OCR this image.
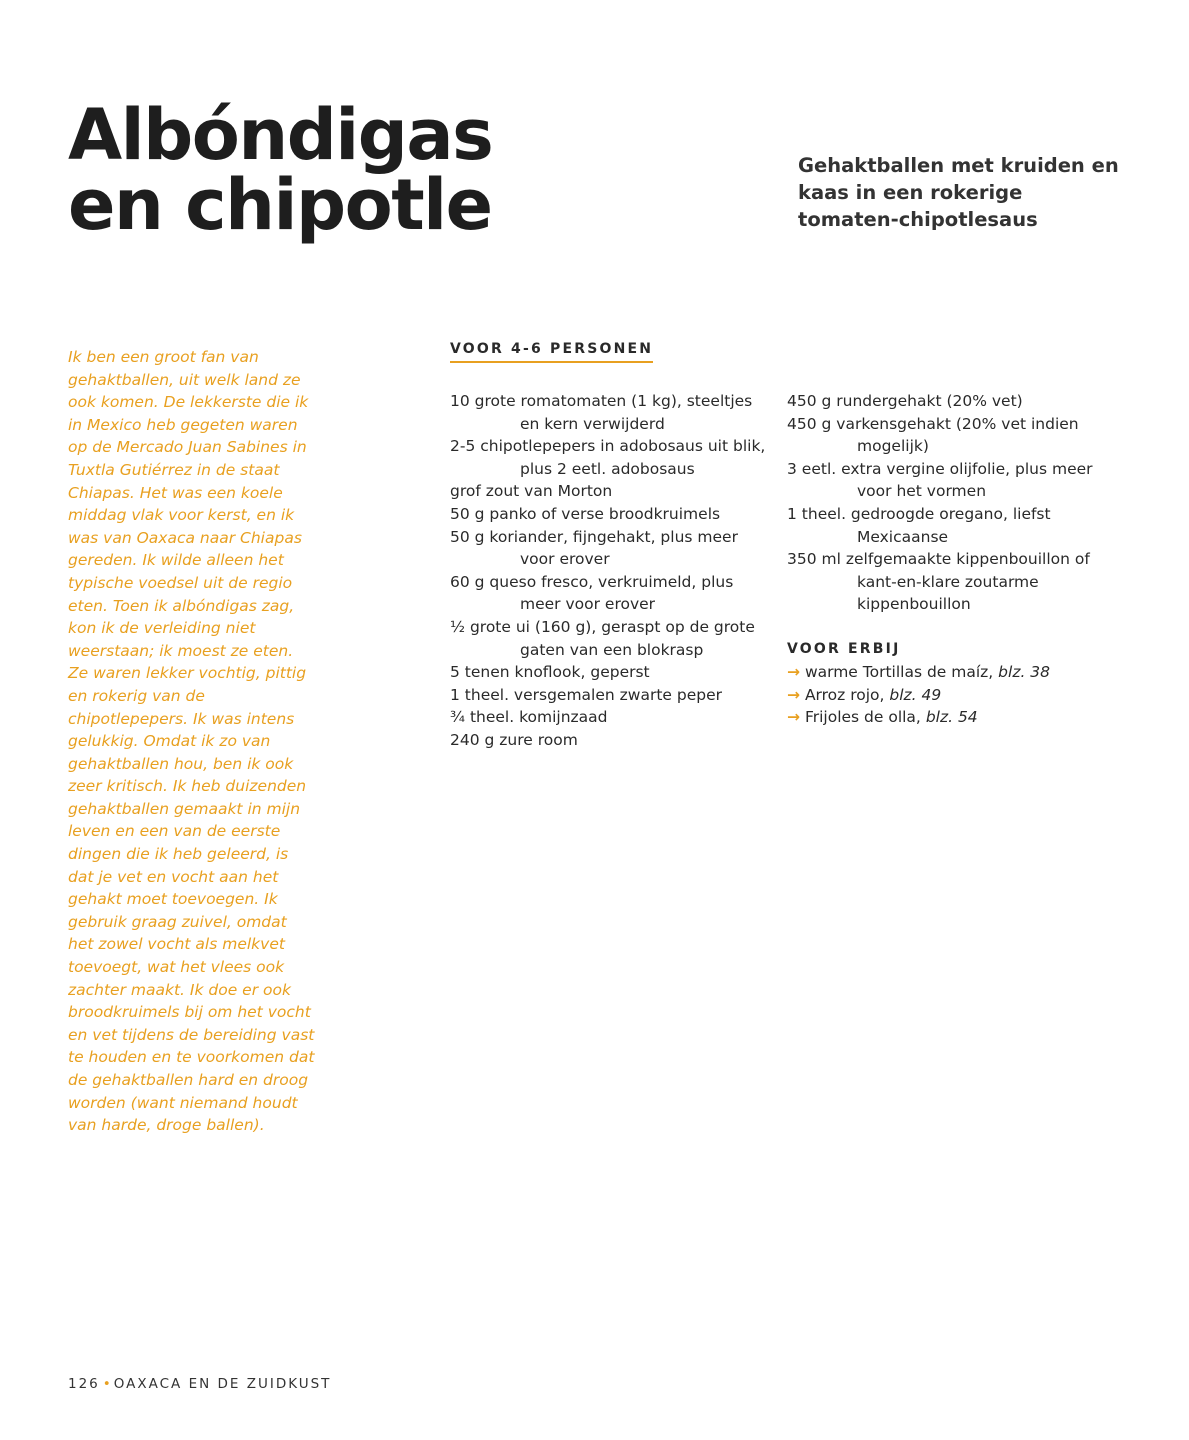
Albóndigas
en chipotle	Gehaktballen met kruiden en kaas in een rokerige tomaten-chipotlesaus

Ik ben een groot fan van gehaktballen, uit welk land ze ook komen. De lekkerste die ik in Mexico heb gegeten waren op de Mercado Juan Sabines in Tuxtla Gutiérrez in de staat Chiapas. Het was een koele middag vlak voor kerst, en ik was van Oaxaca naar Chiapas gereden. Ik wilde alleen het typische voedsel uit de regio eten. Toen ik albóndigas zag, kon ik de verleiding niet weerstaan; ik moest ze eten. Ze waren lekker vochtig, pittig en rokerig van de chipotlepepers. Ik was intens gelukkig. Omdat ik zo van gehaktballen hou, ben ik ook zeer kritisch. Ik heb duizenden gehaktballen gemaakt in mijn leven en een van de eerste dingen die ik heb geleerd, is dat je vet en vocht aan het gehakt moet toevoegen. Ik gebruik graag zuivel, omdat het zowel vocht als melkvet toevoegt, wat het vlees ook zachter maakt. Ik doe er ook broodkruimels bij om het vocht en vet tijdens de bereiding vast te houden en te voorkomen dat de gehaktballen hard en droog worden (want niemand houdt van harde, droge ballen).

VOOR 4-6 PERSONEN
10 grote romatomaten (1 kg), steeltjes en kern verwijderd
2-5 chipotlepepers in adobosaus uit blik, plus 2 eetl. adobosaus
grof zout van Morton
50 g panko of verse broodkruimels
50 g koriander, fijngehakt, plus meer voor erover
60 g queso fresco, verkruimeld, plus meer voor erover
½ grote ui (160 g), geraspt op de grote gaten van een blokrasp
5 tenen knoflook, geperst
1 theel. versgemalen zwarte peper
¾ theel. komijnzaad
240 g zure room
450 g rundergehakt (20% vet)
450 g varkensgehakt (20% vet indien mogelijk)
3 eetl. extra vergine olijfolie, plus meer voor het vormen
1 theel. gedroogde oregano, liefst Mexicaanse
350 ml zelfgemaakte kippenbouillon of kant-en-klare zoutarme kippenbouillon
VOOR ERBIJ
→ warme Tortillas de maíz, blz. 38
→ Arroz rojo, blz. 49
→ Frijoles de olla, blz. 54
126 • OAXACA EN DE ZUIDKUST
